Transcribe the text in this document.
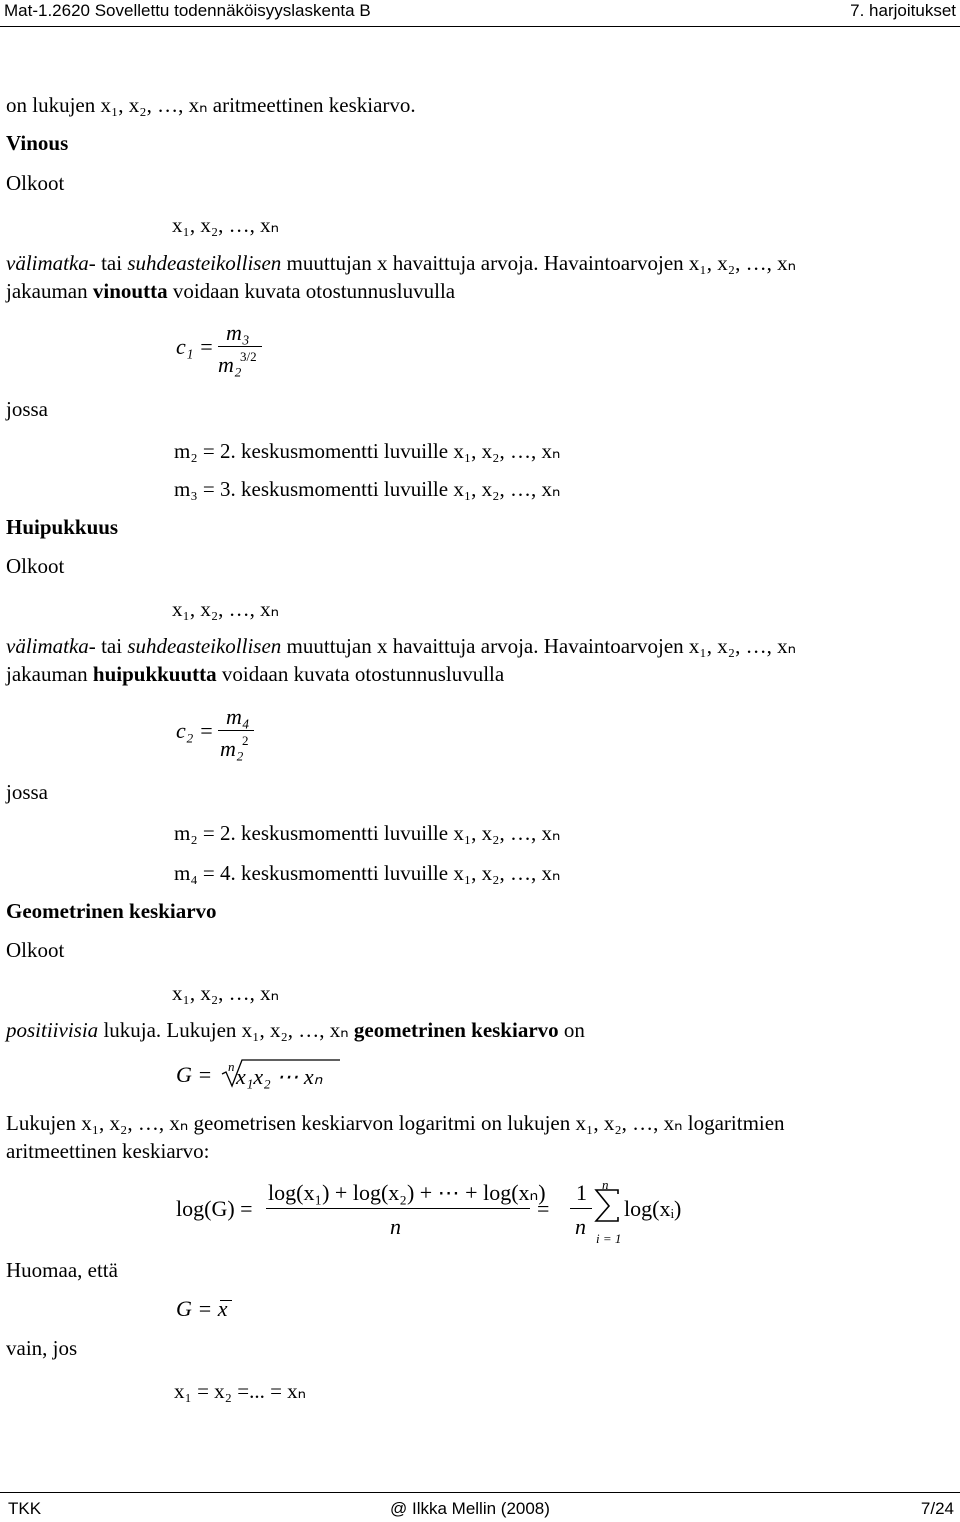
Mat-1.2620 Sovellettu todennäköisyyslaskenta B	7. harjoitukset
on lukujen x₁, x₂, …, xₙ aritmeettinen keskiarvo.
Vinous
Olkoot
x₁, x₂, …, xₙ
välimatka- tai suhdeasteikollisen muuttujan x havaittuja arvoja. Havaintoarvojen x₁, x₂, …, xₙ
jakauman vinoutta voidaan kuvata otostunnusluvulla
c₁ =
m₃
m₂
3/2
jossa
m₂ = 2. keskusmomentti luvuille x₁, x₂, …, xₙ
m₃ = 3. keskusmomentti luvuille x₁, x₂, …, xₙ
Huipukkuus
Olkoot
x₁, x₂, …, xₙ
välimatka- tai suhdeasteikollisen muuttujan x havaittuja arvoja. Havaintoarvojen x₁, x₂, …, xₙ
jakauman huipukkuutta voidaan kuvata otostunnusluvulla
c₂ =
m₄
m₂
2
jossa
m₂ = 2. keskusmomentti luvuille x₁, x₂, …, xₙ
m₄ = 4. keskusmomentti luvuille x₁, x₂, …, xₙ
Geometrinen keskiarvo
Olkoot
x₁, x₂, …, xₙ
positiivisia lukuja. Lukujen x₁, x₂, …, xₙ geometrinen keskiarvo on
G = n x₁x₂ ⋯ xₙ
Lukujen x₁, x₂, …, xₙ geometrisen keskiarvon logaritmi on lukujen x₁, x₂, …, xₙ logaritmien
aritmeettinen keskiarvo:
log(G) =
log(x₁) + log(x₂) + ⋯ + log(xₙ)
n
=
1
n
n
i = 1
log(xᵢ)
Huomaa, että
G = x
vain, jos
x₁ = x₂ =... = xₙ
TKK	@ Ilkka Mellin (2008)	7/24
